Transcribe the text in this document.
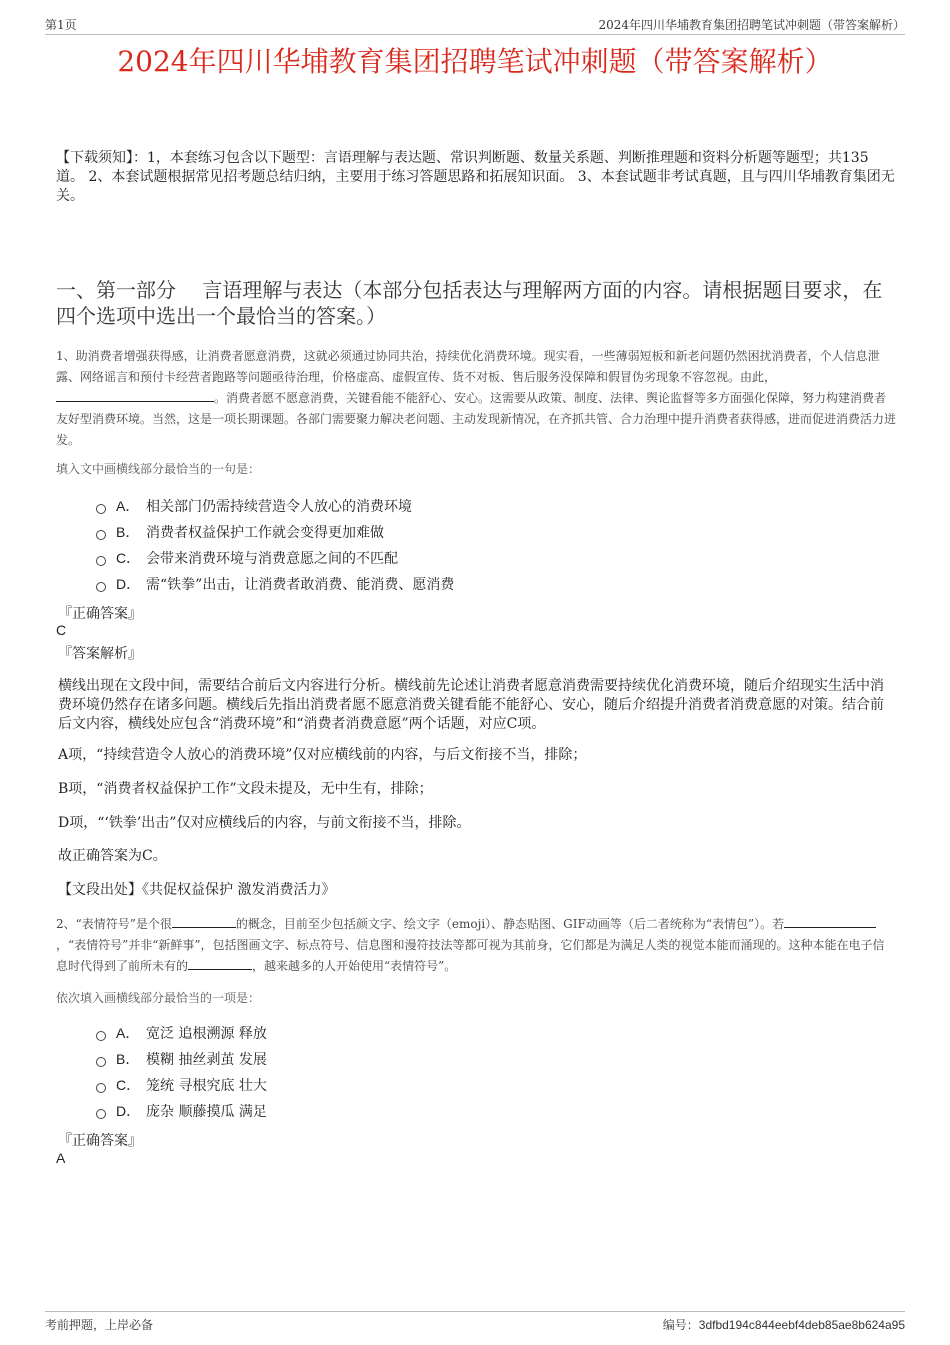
第1页	2024年四川华埔教育集团招聘笔试冲刺题（带答案解析）
2024年四川华埔教育集团招聘笔试冲刺题（带答案解析）
【下载须知】：1，本套练习包含以下题型：言语理解与表达题、常识判断题、数量关系题、判断推理题和资料分析题等题型；共135道。 2、本套试题根据常见招考题总结归纳，主要用于练习答题思路和拓展知识面。 3、本套试题非考试真题，且与四川华埔教育集团无关。
一、第一部分　 言语理解与表达（本部分包括表达与理解两方面的内容。请根据题目要求，在四个选项中选出一个最恰当的答案。）
1、助消费者增强获得感，让消费者愿意消费，这就必须通过协同共治，持续优化消费环境。现实看，一些薄弱短板和新老问题仍然困扰消费者，个人信息泄露、网络谣言和预付卡经营者跑路等问题亟待治理，价格虚高、虚假宣传、货不对板、售后服务没保障和假冒伪劣现象不容忽视。由此，。消费者愿不愿意消费，关键看能不能舒心、安心。这需要从政策、制度、法律、舆论监督等多方面强化保障，努力构建消费者友好型消费环境。当然，这是一项长期课题。各部门需要聚力解决老问题、主动发现新情况，在齐抓共管、合力治理中提升消费者获得感，进而促进消费活力迸发。
填入文中画横线部分最恰当的一句是：
A． 相关部门仍需持续营造令人放心的消费环境
B． 消费者权益保护工作就会变得更加难做
C． 会带来消费环境与消费意愿之间的不匹配
D． 需“铁拳”出击，让消费者敢消费、能消费、愿消费
『正确答案』
C
『答案解析』

横线出现在文段中间，需要结合前后文内容进行分析。横线前先论述让消费者愿意消费需要持续优化消费环境，随后介绍现实生活中消费环境仍然存在诸多问题。横线后先指出消费者愿不愿意消费关键看能不能舒心、安心，随后介绍提升消费者消费意愿的对策。结合前后文内容，横线处应包含“消费环境”和“消费者消费意愿”两个话题，对应C项。

A项，“持续营造令人放心的消费环境”仅对应横线前的内容，与后文衔接不当，排除；

B项，“消费者权益保护工作”文段未提及，无中生有，排除；

D项，“‘铁拳’出击”仅对应横线后的内容，与前文衔接不当，排除。

故正确答案为C。

【文段出处】《共促权益保护 激发消费活力》

2、“表情符号”是个很	的概念，目前至少包括颜文字、绘文字（emoji）、静态贴图、GIF动画等（后二者统称为“表情包”）。若，“表情符号”并非“新鲜事”，包括图画文字、标点符号、信息图和漫符技法等都可视为其前身，它们都是为满足人类的视觉本能而涌现的。这种本能在电子信息时代得到了前所未有的	，越来越多的人开始使用“表情符号”。
依次填入画横线部分最恰当的一项是：
A． 宽泛 追根溯源 释放
B． 模糊 抽丝剥茧 发展
C． 笼统 寻根究底 壮大
D． 庞杂 顺藤摸瓜 满足
『正确答案』
A
考前押题，上岸必备	编号：3dfbd194c844eebf4deb85ae8b624a95
